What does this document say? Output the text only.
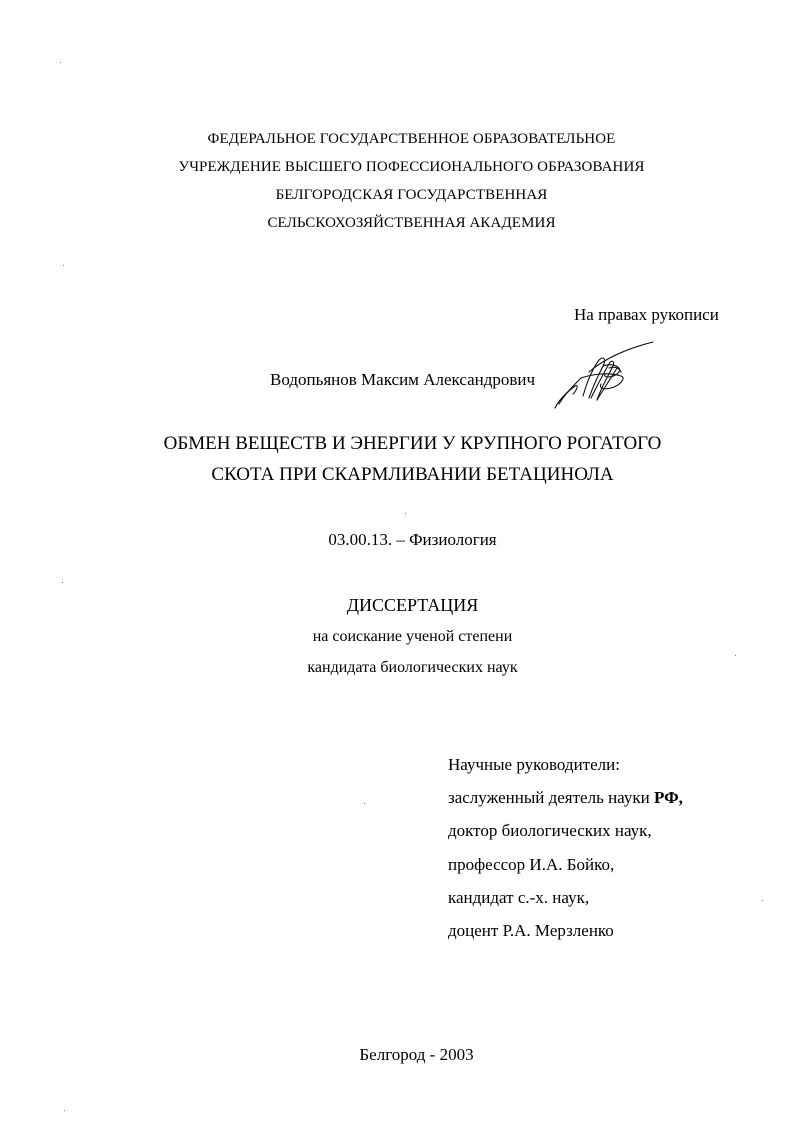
ФЕДЕРАЛЬНОЕ ГОСУДАРСТВЕННОЕ ОБРАЗОВАТЕЛЬНОЕ
УЧРЕЖДЕНИЕ ВЫСШЕГО ПОФЕССИОНАЛЬНОГО ОБРАЗОВАНИЯ
БЕЛГОРОДСКАЯ ГОСУДАРСТВЕННАЯ
СЕЛЬСКОХОЗЯЙСТВЕННАЯ АКАДЕМИЯ
На правах рукописи
Водопьянов Максим Александрович
ОБМЕН ВЕЩЕСТВ И ЭНЕРГИИ У КРУПНОГО РОГАТОГО
СКОТА ПРИ СКАРМЛИВАНИИ БЕТАЦИНОЛА
03.00.13. – Физиология
ДИССЕРТАЦИЯ
на соискание ученой степени
кандидата биологических наук
Научные руководители:
заслуженный деятель науки РФ,
доктор биологических наук,
профессор И.А. Бойко,
кандидат с.-х. наук,
доцент Р.А. Мерзленко
Белгород - 2003
